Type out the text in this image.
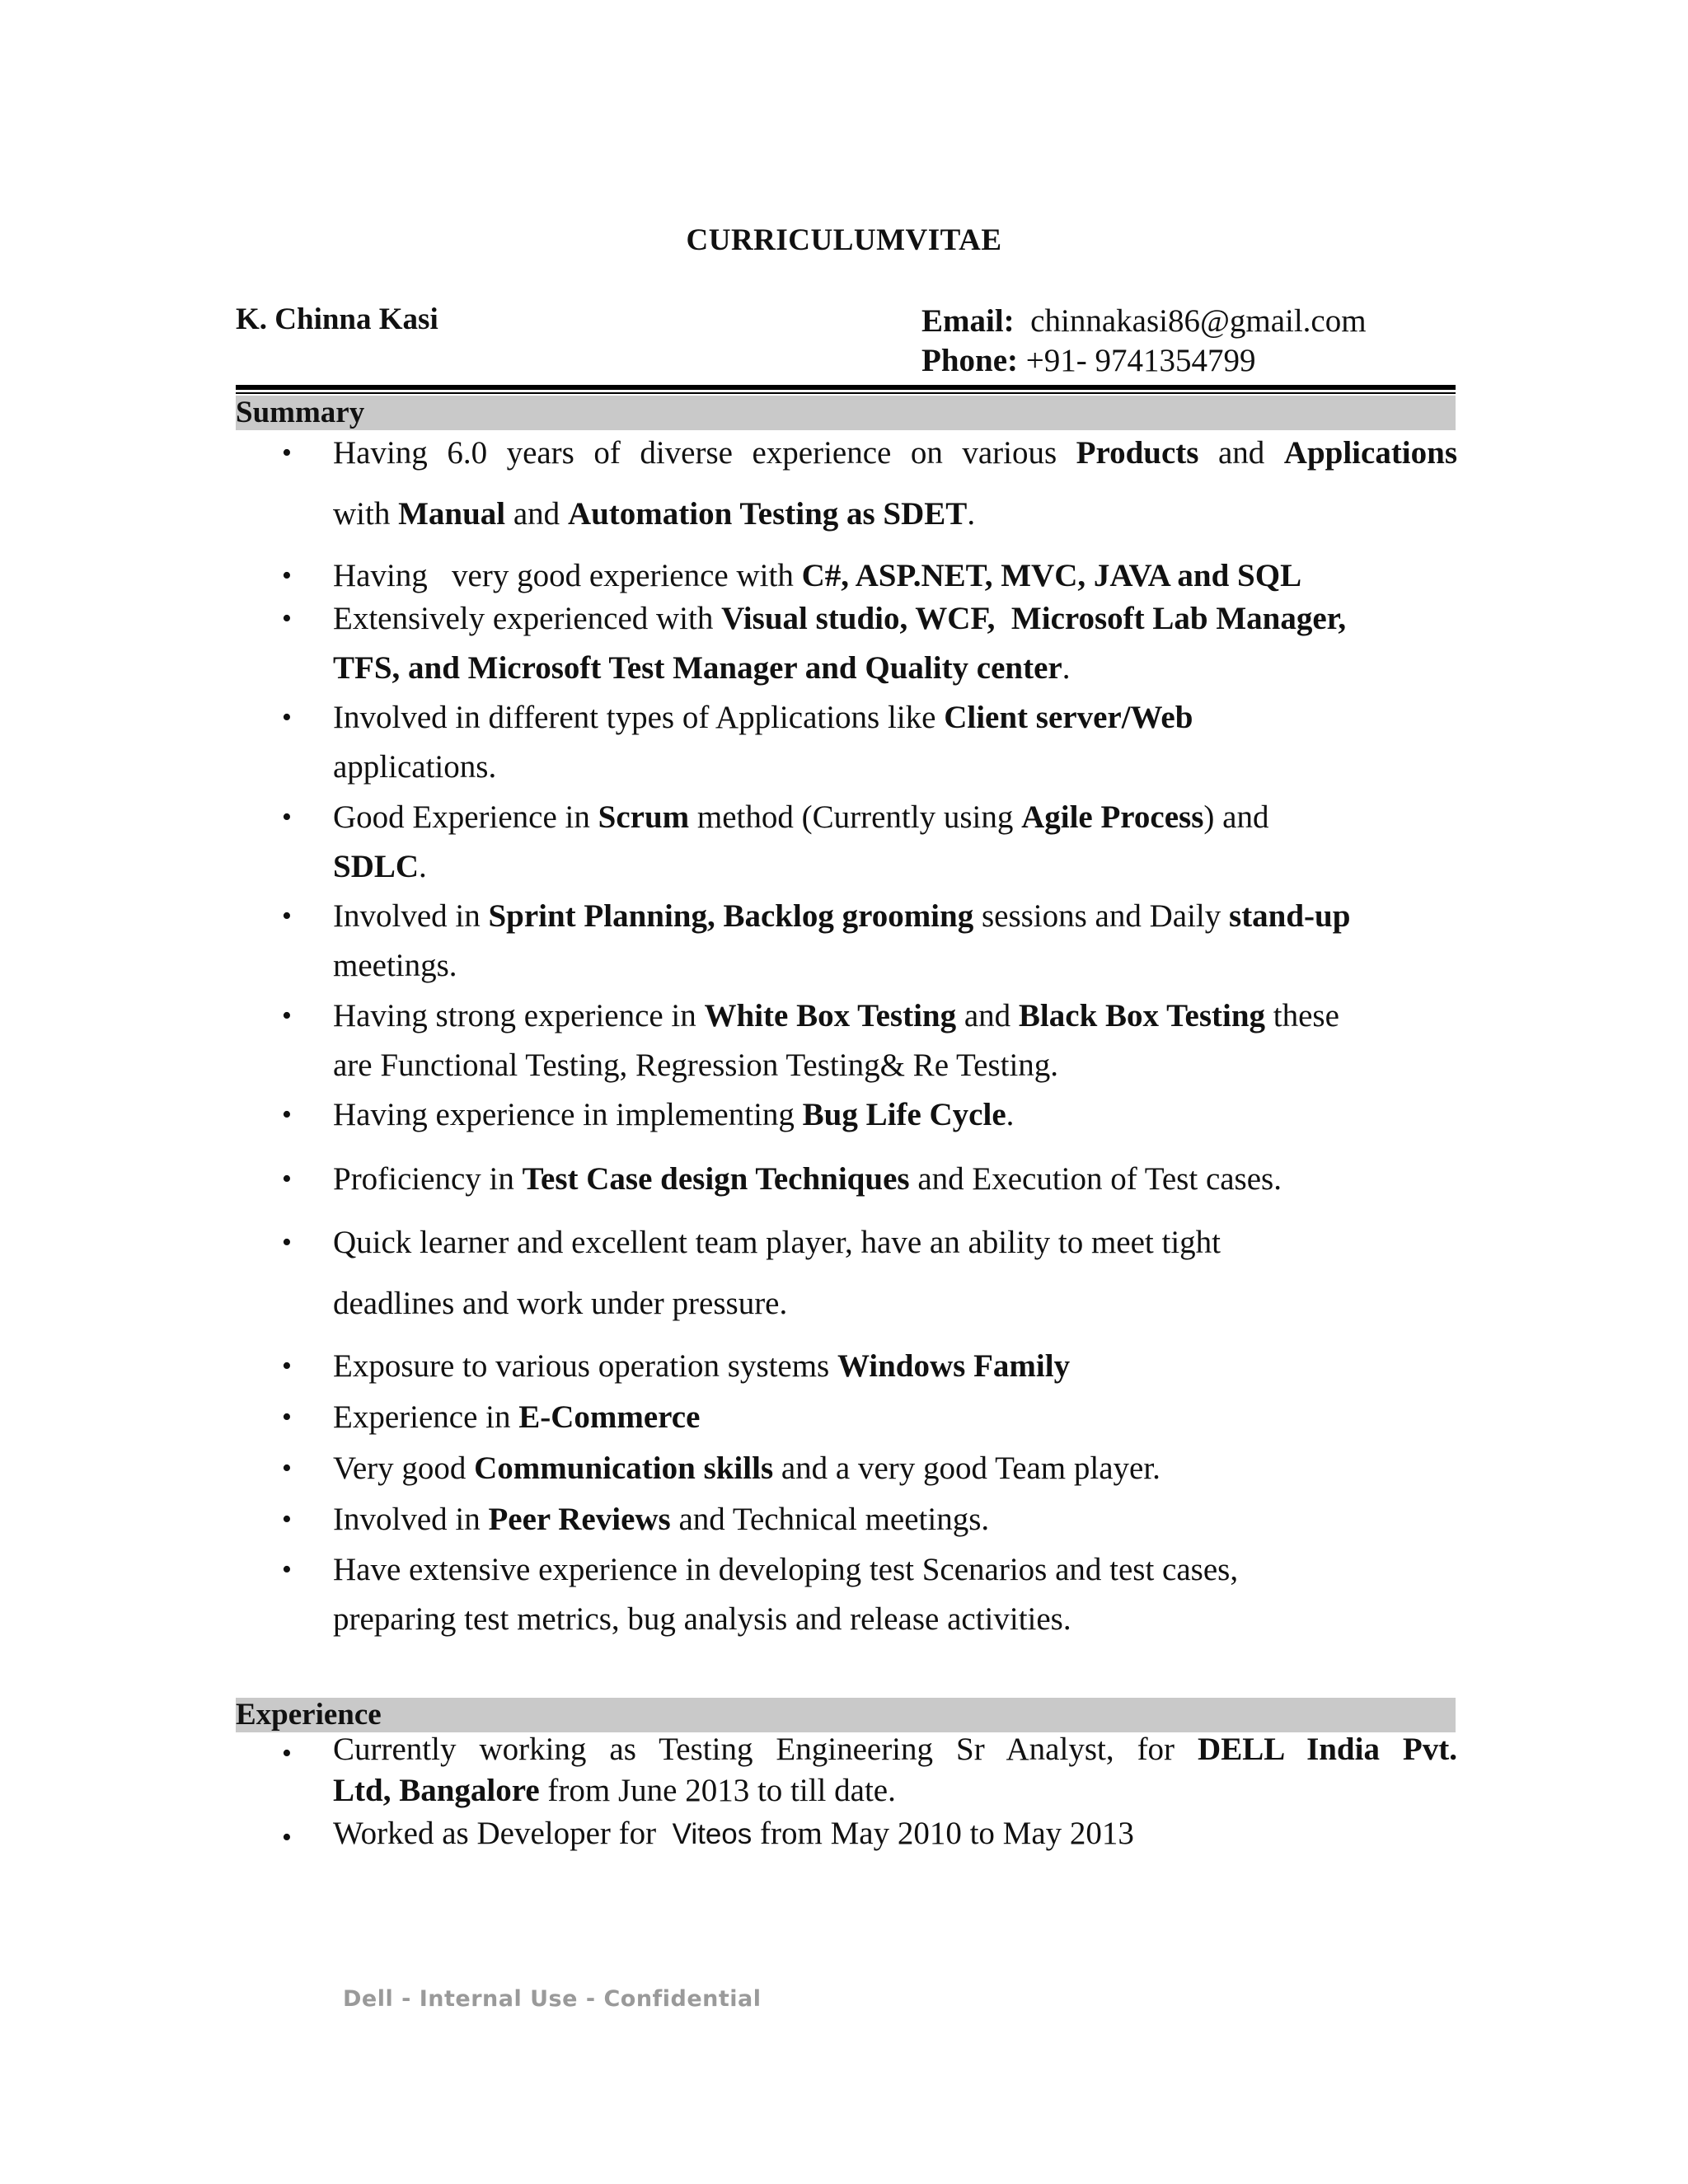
CURRICULUMVITAE
K. Chinna Kasi	Email: chinnakasi86@gmail.com
Phone: +91- 9741354799
Summary
•	Having 6.0 years of diverse experience on various Products and Applications
with Manual and Automation Testing as SDET.
•	Having   very good experience with C#, ASP.NET, MVC, JAVA and SQL
•	Extensively experienced with Visual studio, WCF,  Microsoft Lab Manager,
TFS, and Microsoft Test Manager and Quality center.
•	Involved in different types of Applications like Client server/Web
applications.
•	Good Experience in Scrum method (Currently using Agile Process) and
SDLC.
•	Involved in Sprint Planning, Backlog grooming sessions and Daily stand-up
meetings.
•	Having strong experience in White Box Testing and Black Box Testing these
are Functional Testing, Regression Testing& Re Testing.
•	Having experience in implementing Bug Life Cycle.
•	Proficiency in Test Case design Techniques and Execution of Test cases.
•	Quick learner and excellent team player, have an ability to meet tight
deadlines and work under pressure.
•	Exposure to various operation systems Windows Family
•	Experience in E-Commerce
•	Very good Communication skills and a very good Team player.
•	Involved in Peer Reviews and Technical meetings.
•	Have extensive experience in developing test Scenarios and test cases,
preparing test metrics, bug analysis and release activities.
Experience
•	Currently working as Testing Engineering Sr Analyst, for DELL India Pvt.
Ltd, Bangalore from June 2013 to till date.
•	Worked as Developer for  Viteos from May 2010 to May 2013
Dell - Internal Use - Confidential
